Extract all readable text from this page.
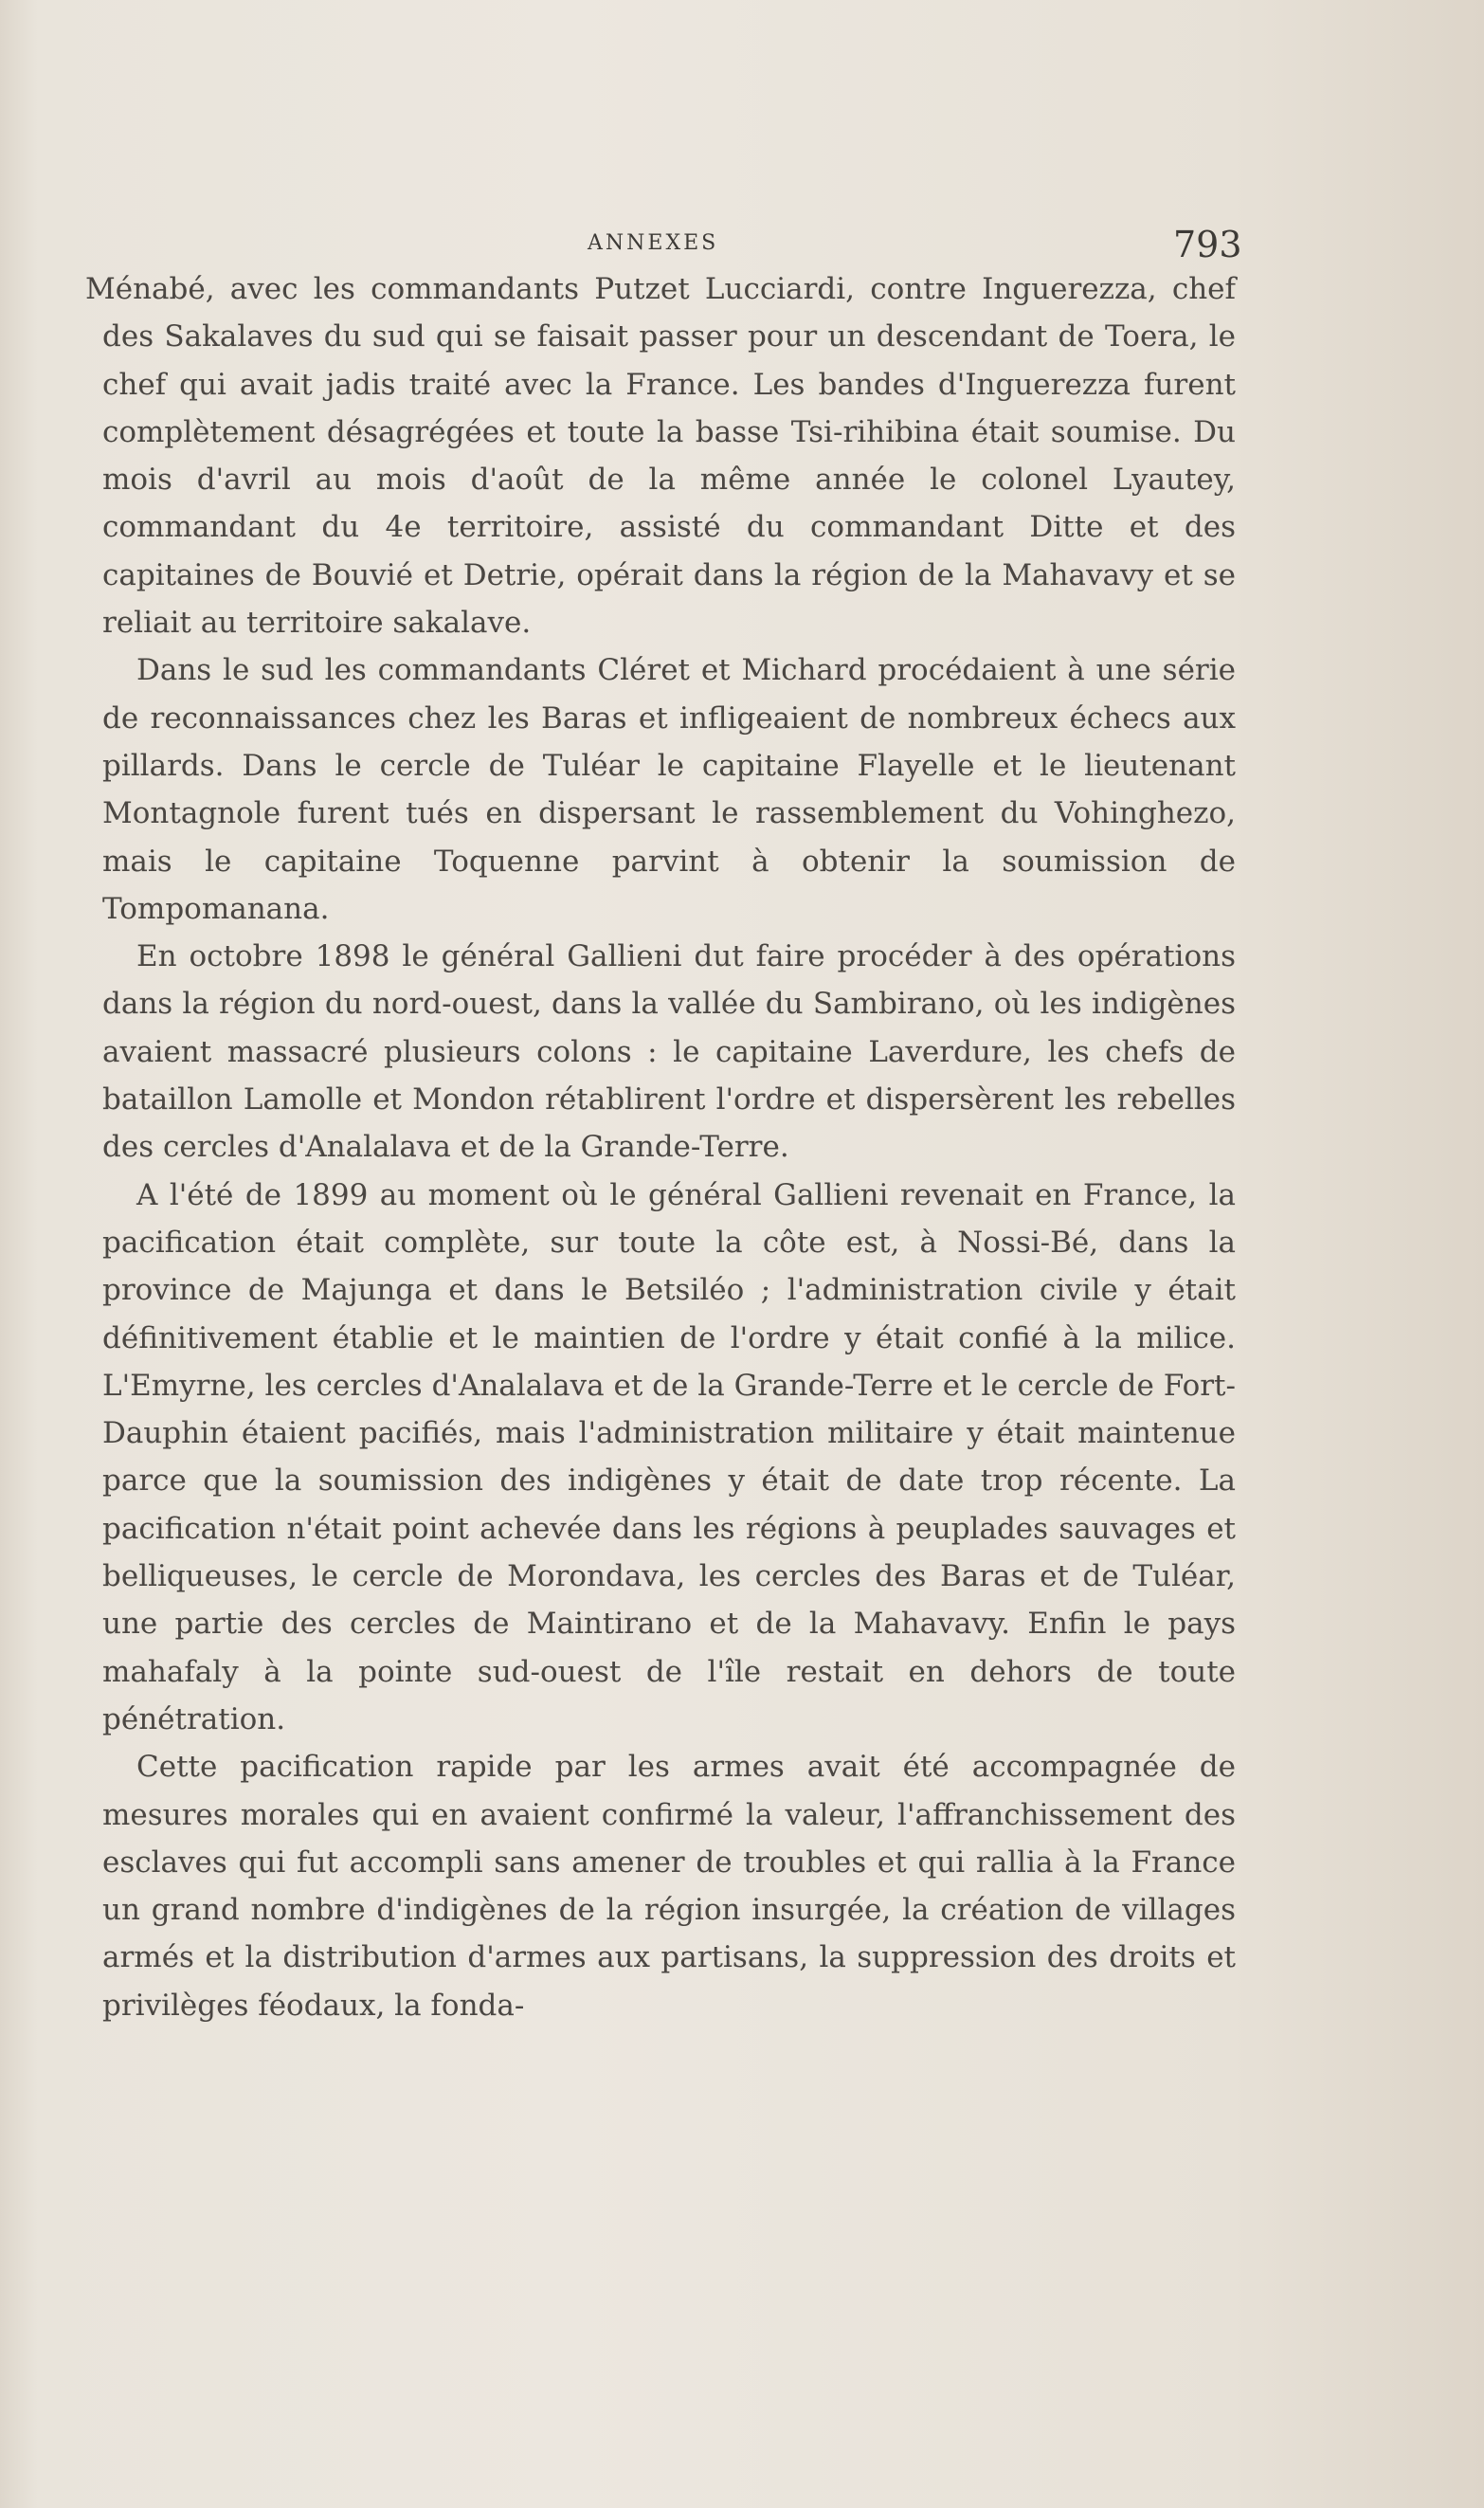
ANNEXES	793

Ménabé, avec les commandants Putzet Lucciardi, contre Inguerezza, chef des Sakalaves du sud qui se faisait passer pour un descendant de Toera, le chef qui avait jadis traité avec la France. Les bandes d'Inguerezza furent complètement désagrégées et toute la basse Tsi-rihibina était soumise. Du mois d'avril au mois d'août de la même année le colonel Lyautey, commandant du 4e territoire, assisté du commandant Ditte et des capitaines de Bouvié et Detrie, opérait dans la région de la Mahavavy et se reliait au territoire sakalave.

Dans le sud les commandants Cléret et Michard procédaient à une série de reconnaissances chez les Baras et infligeaient de nombreux échecs aux pillards. Dans le cercle de Tuléar le capitaine Flayelle et le lieutenant Montagnole furent tués en dispersant le rassemblement du Vohinghezo, mais le capitaine Toquenne parvint à obtenir la soumission de Tompomanana.

En octobre 1898 le général Gallieni dut faire procéder à des opérations dans la région du nord-ouest, dans la vallée du Sambirano, où les indigènes avaient massacré plusieurs colons : le capitaine Laverdure, les chefs de bataillon Lamolle et Mondon rétablirent l'ordre et dispersèrent les rebelles des cercles d'Analalava et de la Grande-Terre.

A l'été de 1899 au moment où le général Gallieni revenait en France, la pacification était complète, sur toute la côte est, à Nossi-Bé, dans la province de Majunga et dans le Betsiléo ; l'administration civile y était définitivement établie et le maintien de l'ordre y était confié à la milice. L'Emyrne, les cercles d'Analalava et de la Grande-Terre et le cercle de Fort-Dauphin étaient pacifiés, mais l'administration militaire y était maintenue parce que la soumission des indigènes y était de date trop récente. La pacification n'était point achevée dans les régions à peuplades sauvages et belliqueuses, le cercle de Morondava, les cercles des Baras et de Tuléar, une partie des cercles de Maintirano et de la Mahavavy. Enfin le pays mahafaly à la pointe sud-ouest de l'île restait en dehors de toute pénétration.

Cette pacification rapide par les armes avait été accompagnée de mesures morales qui en avaient confirmé la valeur, l'affranchissement des esclaves qui fut accompli sans amener de troubles et qui rallia à la France un grand nombre d'indigènes de la région insurgée, la création de villages armés et la distribution d'armes aux partisans, la suppression des droits et privilèges féodaux, la fonda-
